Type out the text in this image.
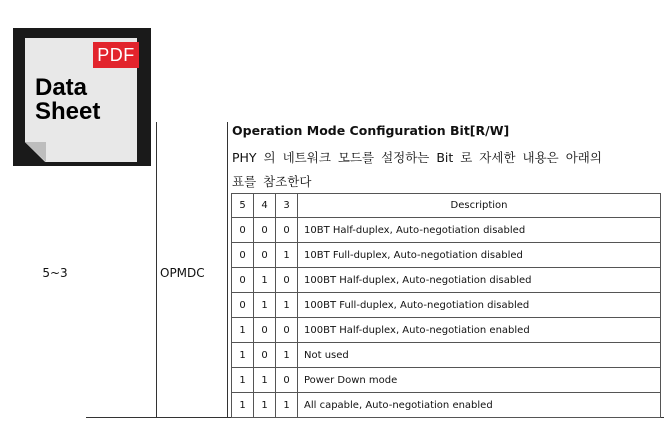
PDF
Data
Sheet
5~3	OPMDC
Operation Mode Configuration Bit[R/W]
PHY 의 네트워크 모드를 설정하는 Bit 로 자세한 내용은 아래의
표를 참조한다
5	4	3	Description
0	0	0	10BT Half-duplex, Auto-negotiation disabled
0	0	1	10BT Full-duplex, Auto-negotiation disabled
0	1	0	100BT Half-duplex, Auto-negotiation disabled
0	1	1	100BT Full-duplex, Auto-negotiation disabled
1	0	0	100BT Half-duplex, Auto-negotiation enabled
1	0	1	Not used
1	1	0	Power Down mode
1	1	1	All capable, Auto-negotiation enabled
